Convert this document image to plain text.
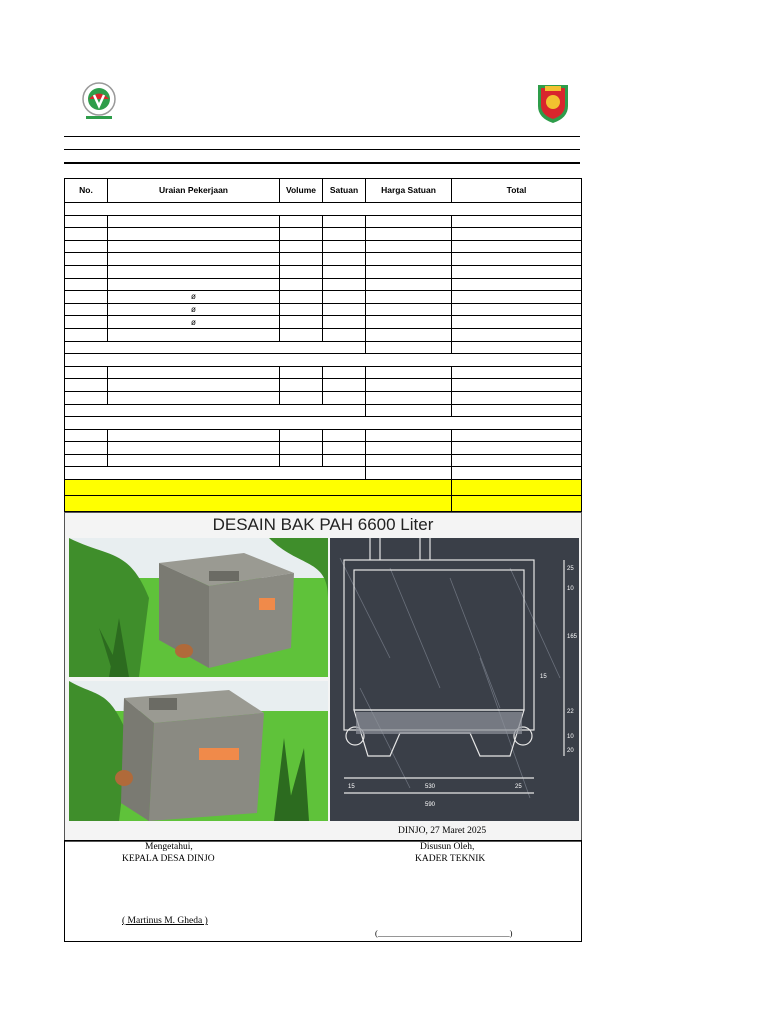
No.	Uraian Pekerjaan	Volume	Satuan	Harga Satuan	Total

	ø				
	ø				
	ø				

DESAIN BAK PAH 6600 Liter
530
590
25
10
165
22
10
20
15	25
15
DINJO, 27 Maret 2025
Mengetahui,
KEPALA DESA DINJO
( Martinus M. Gheda )
Disusun Oleh,
KADER TEKNIK
(_______________________________)
